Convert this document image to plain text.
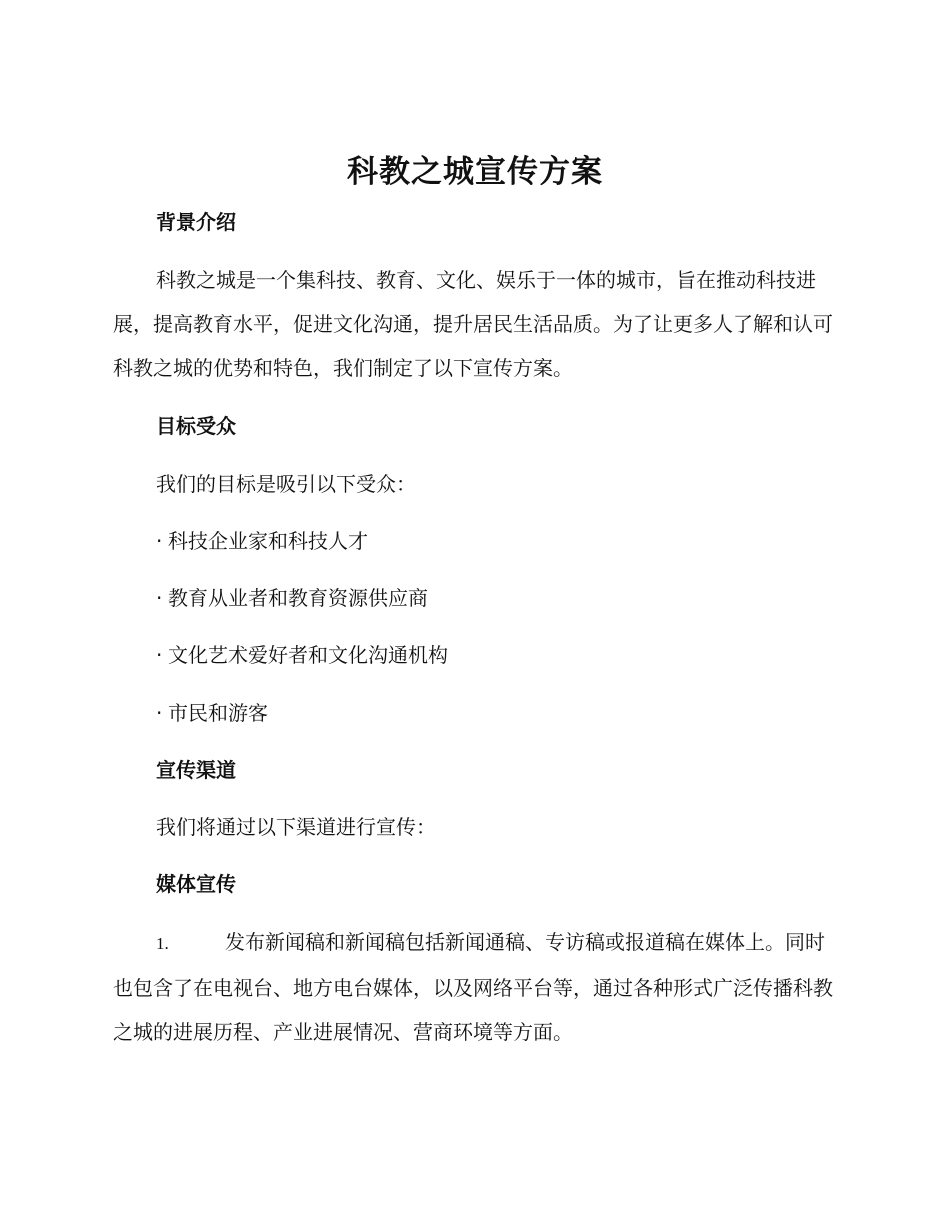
科教之城宣传方案
背景介绍
科教之城是一个集科技、教育、文化、娱乐于一体的城市，旨在推动科技进展，提高教育水平，促进文化沟通，提升居民生活品质。为了让更多人了解和认可科教之城的优势和特色，我们制定了以下宣传方案。
目标受众
我们的目标是吸引以下受众：
· 科技企业家和科技人才
· 教育从业者和教育资源供应商
· 文化艺术爱好者和文化沟通机构
· 市民和游客
宣传渠道
我们将通过以下渠道进行宣传：
媒体宣传
1.	发布新闻稿和新闻稿包括新闻通稿、专访稿或报道稿在媒体上。同时也包含了在电视台、地方电台媒体，以及网络平台等，通过各种形式广泛传播科教之城的进展历程、产业进展情况、营商环境等方面。
